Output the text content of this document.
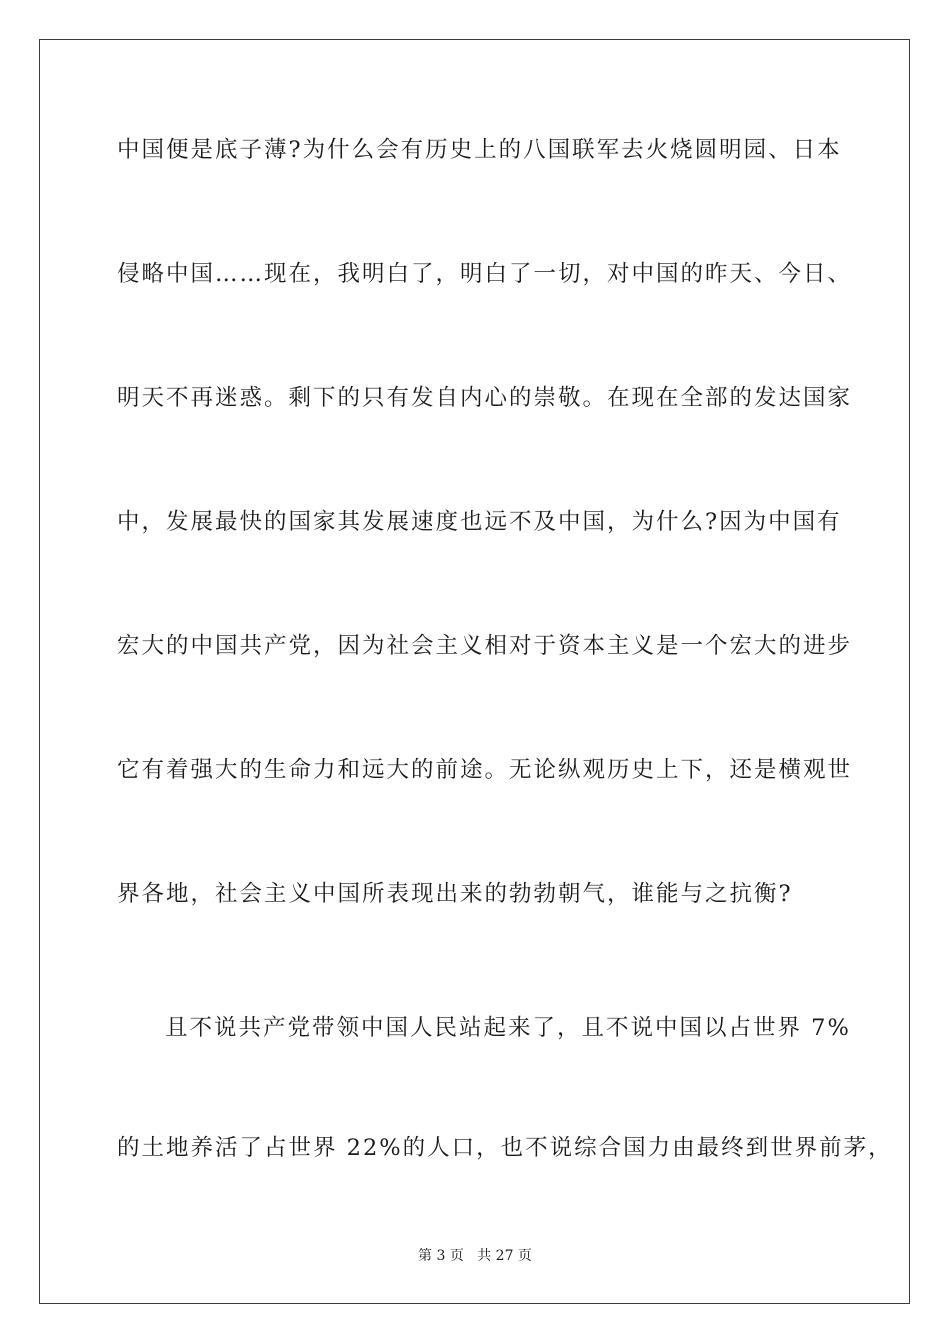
中国便是底子薄?为什么会有历史上的八国联军去火烧圆明园、日本
侵略中国……现在，我明白了，明白了一切，对中国的昨天、今日、
明天不再迷惑。剩下的只有发自内心的崇敬。在现在全部的发达国家
中，发展最快的国家其发展速度也远不及中国，为什么?因为中国有
宏大的中国共产党，因为社会主义相对于资本主义是一个宏大的进步
它有着强大的生命力和远大的前途。无论纵观历史上下，还是横观世
界各地，社会主义中国所表现出来的勃勃朝气，谁能与之抗衡?
且不说共产党带领中国人民站起来了，且不说中国以占世界 7%
的土地养活了占世界 22%的人口，也不说综合国力由最终到世界前茅，
第 3 页 共 27 页
